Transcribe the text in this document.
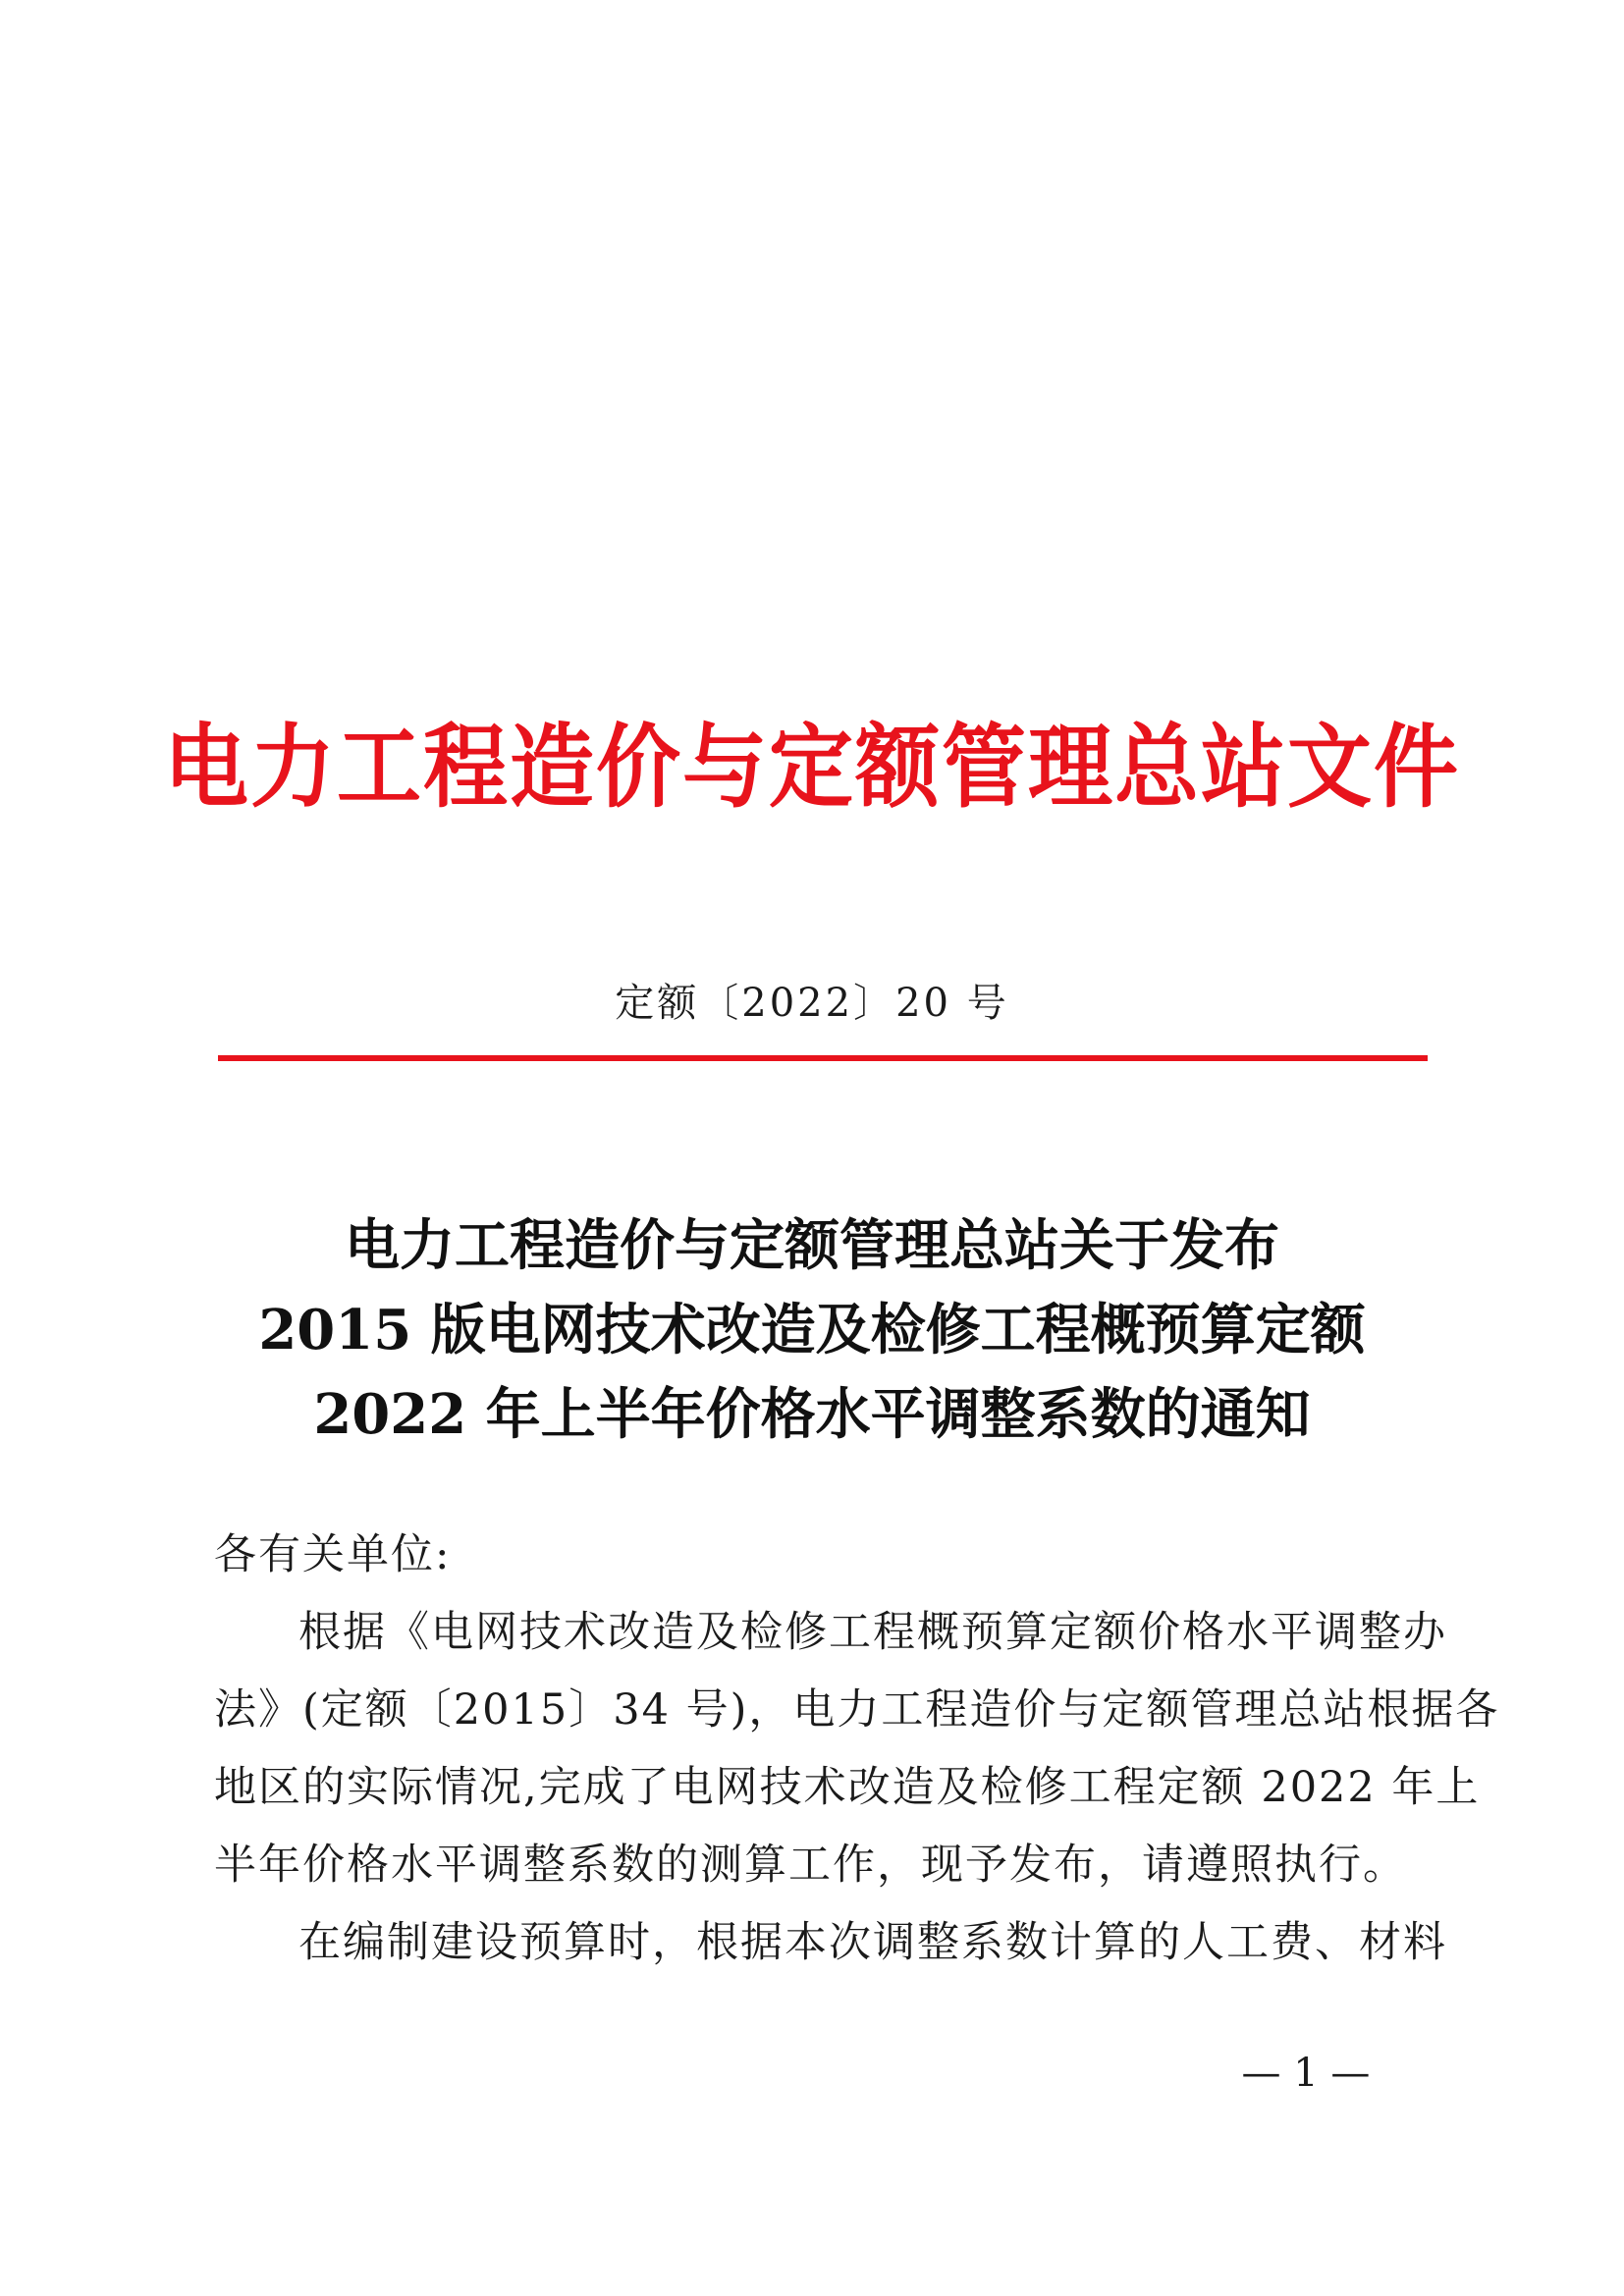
电力工程造价与定额管理总站文件
定额〔2022〕20 号
电力工程造价与定额管理总站关于发布
2015 版电网技术改造及检修工程概预算定额
2022 年上半年价格水平调整系数的通知
各有关单位:
根据《电网技术改造及检修工程概预算定额价格水平调整办
法》(定额〔2015〕34 号)，电力工程造价与定额管理总站根据各
地区的实际情况,完成了电网技术改造及检修工程定额 2022 年上
半年价格水平调整系数的测算工作，现予发布，请遵照执行。
在编制建设预算时，根据本次调整系数计算的人工费、材料
— 1 —
